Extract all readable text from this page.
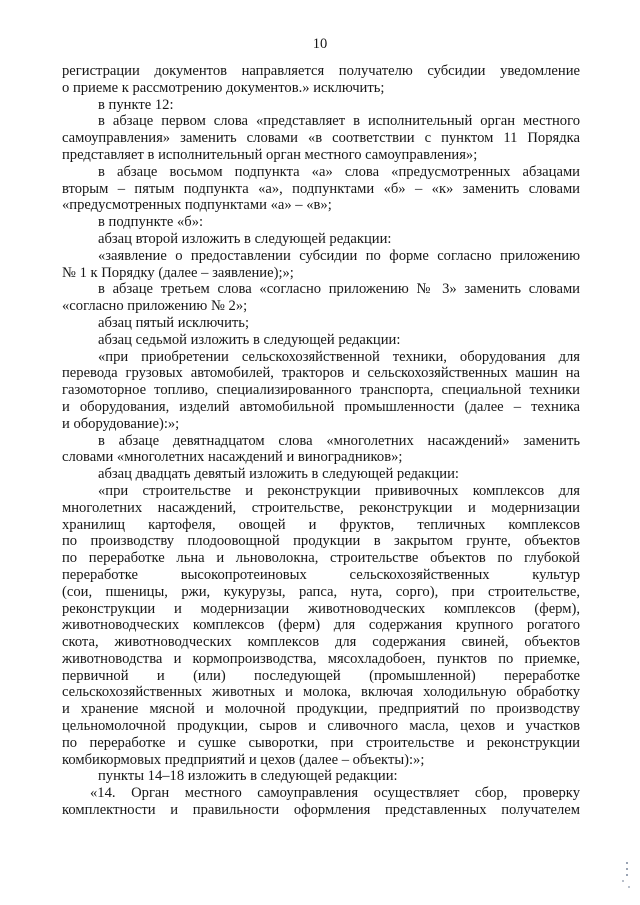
10
регистрации документов направляется получателю субсидии уведомление
о приеме к рассмотрению документов.» исключить;
в пункте 12:
в абзаце первом слова «представляет в исполнительный орган местного
самоуправления» заменить словами «в соответствии с пунктом 11 Порядка
представляет в исполнительный орган местного самоуправления»;
в абзаце восьмом подпункта «а» слова «предусмотренных абзацами
вторым – пятым подпункта «а», подпунктами «б» – «к» заменить словами
«предусмотренных подпунктами «а» – «в»;
в подпункте «б»:
абзац второй изложить в следующей редакции:
«заявление о предоставлении субсидии по форме согласно приложению
№ 1 к Порядку (далее – заявление);»;
в абзаце третьем слова «согласно приложению № 3» заменить словами
«согласно приложению № 2»;
абзац пятый исключить;
абзац седьмой изложить в следующей редакции:
«при приобретении сельскохозяйственной техники, оборудования для
перевода грузовых автомобилей, тракторов и сельскохозяйственных машин на
газомоторное топливо, специализированного транспорта, специальной техники
и оборудования, изделий автомобильной промышленности (далее – техника
и оборудование):»;
в абзаце девятнадцатом слова «многолетних насаждений» заменить
словами «многолетних насаждений и виноградников»;
абзац двадцать девятый изложить в следующей редакции:
«при строительстве и реконструкции прививочных комплексов для
многолетних насаждений, строительстве, реконструкции и модернизации
хранилищ картофеля, овощей и фруктов, тепличных комплексов
по производству плодоовощной продукции в закрытом грунте, объектов
по переработке льна и льноволокна, строительстве объектов по глубокой
переработке высокопротеиновых сельскохозяйственных культур
(сои, пшеницы, ржи, кукурузы, рапса, нута, сорго), при строительстве,
реконструкции и модернизации животноводческих комплексов (ферм),
животноводческих комплексов (ферм) для содержания крупного рогатого
скота, животноводческих комплексов для содержания свиней, объектов
животноводства и кормопроизводства, мясохладобоен, пунктов по приемке,
первичной и (или) последующей (промышленной) переработке
сельскохозяйственных животных и молока, включая холодильную обработку
и хранение мясной и молочной продукции, предприятий по производству
цельномолочной продукции, сыров и сливочного масла, цехов и участков
по переработке и сушке сыворотки, при строительстве и реконструкции
комбикормовых предприятий и цехов (далее – объекты):»;
пункты 14–18 изложить в следующей редакции:
«14. Орган местного самоуправления осуществляет сбор, проверку
комплектности и правильности оформления представленных получателем
